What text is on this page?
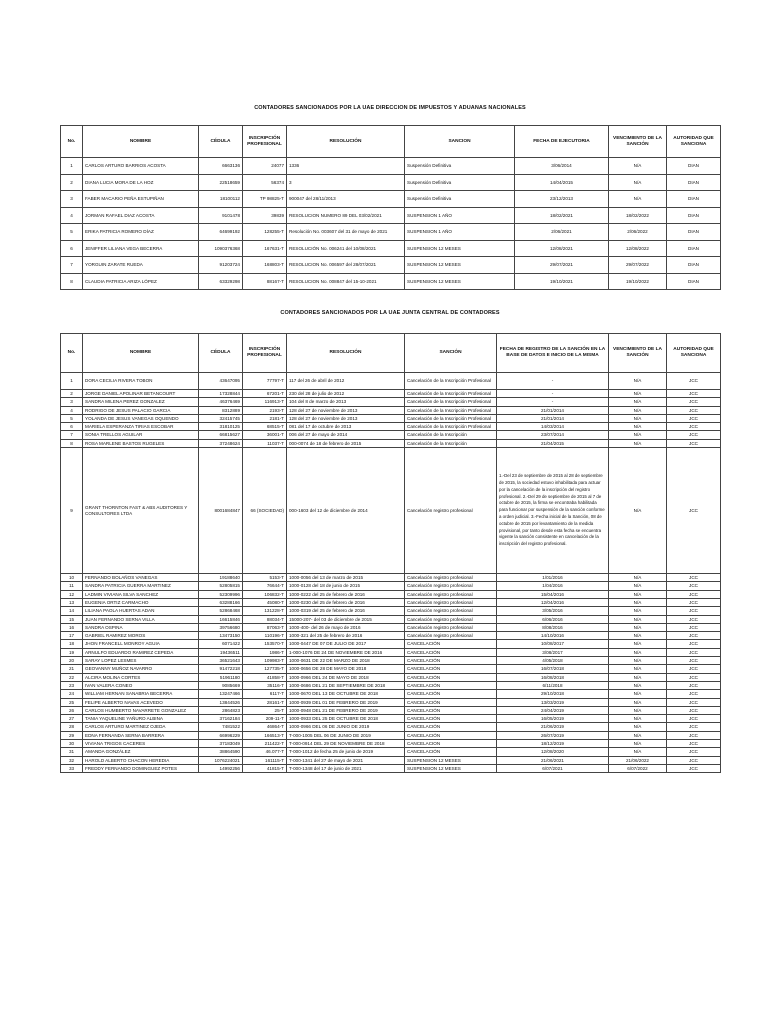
CONTADORES SANCIONADOS POR LA UAE DIRECCION DE IMPUESTOS Y ADUANAS NACIONALES
No.	NOMBRE	CÉDULA	INSCRIPCIÓN PROFESIONAL	RESOLUCIÓN	SANCION	FECHA DE EJECUTORIA	VENCIMIENTO DE LA SANCIÓN	AUTORIDAD QUE SANCIONA
1	CARLOS ARTURO BARRIOS ACOSTA	6663136	24077	1336	Suspensión Definitiva	3/06/2014	N/A	DIAN
2	DIANA LUCIA MORA DE LA HOZ	22518659	56374	3	Suspensión Definitiva	14/04/2015	N/A	DIAN
3	FABER MACARIO PEÑA ESTUPIÑAN	18100112	TP 98825-T	900047 del 28/11/2013	Suspensión Definitiva	23/12/2013	N/A	DIAN
4	JORMAN RAFAEL DIAZ ACOSTA	9101478	39839	RESOLUCION NUMERO 89 DEL 03/02/2021	SUSPENSION 1 AÑO	18/02/2021	18/02/2022	DIAN
5	ERIKA PATRICIA ROMERO DÍAZ	64699192	128255-T	Resolución No. 003607 del 31 de mayo de 2021	SUSPENSION 1 AÑO	2/06/2021	2/06/2022	DIAN
6	JENIFFER LILIANA VEGA BECERRA	1090376368	167631-T	RESOLUCIÓN No. 006241 del 10/08/2021	SUSPENSION 12 MESES	12/08/2021	12/08/2022	DIAN
7	YORGUIN ZARATE RUEDA	91203724	168803-T	RESOLUCION No. 006597 del 28/07/2021	SUSPENSION 12 MESES	29/07/2021	29/07/2022	DIAN
8	CLAUDIA PATRICIA ARIZA LÓPEZ	63329298	88167-T	RESOLUCION No. 008847 del 15-10-2021	SUSPENSION 12 MESES	19/10/2021	19/10/2022	DIAN
CONTADORES SANCIONADOS POR LA UAE JUNTA CENTRAL DE CONTADORES
No.	NOMBRE	CÉDULA	INSCRIPCIÓN PROFESIONAL	RESOLUCIÓN	SANCIÓN	FECHA DE REGISTRO DE LA SANCIÓN EN LA BASE DE DATOS E INICIO DE LA MISMA	VENCIMIENTO DE LA SANCIÓN	AUTORIDAD QUE SANCIONA
1	DORA CECILIA RIVERA TOBON	43647095	77797-T	117 del 26 de abril de 2012	Cancelación de la Inscripción Profesional	-	N/A	JCC
2	JORGE DANIEL APOLINAR BETANCOURT	17328844	67201-T	230 del 28 de julio de 2012	Cancelación de la Inscripción Profesional	-	N/A	JCC
3	SANDRA MILENA PEREZ GONZALEZ	46376469	116913-T	104 del 8 de marzo de 2013	Cancelación de la Inscripción Profesional	-	N/A	JCC
4	RODRIGO DE JESUS PALACIO GARCIA	8312889	2193-T	128 del 27 de noviembre de 2013	Cancelación de la Inscripción Profesional	21/01/2014	N/A	JCC
5	YOLANDA DE JESUS VANEGAS OQUENDO	32415745	2181-T	128 del 27 de noviembre de 2013	Cancelación de la Inscripción Profesional	21/01/2014	N/A	JCC
6	MARIELA ESPERANZA TIRIAS ESCOBAR	31810125	68515-T	081 del 17 de octubre de 2013	Cancelación de la Inscripción Profesional	14/03/2014	N/A	JCC
7	SONIA TRELLOS AGUILAR	66815627	36001-T	006 del 27 de mayo de 2014	Cancelación de la Inscripción	23/07/2014	N/A	JCC
8	ROSA MARLENE BASTOS RUGELES	37248624	11037-T	000-0074 de 18 de febrero de 2015	Cancelación de la Inscripción	21/04/2015	N/A	JCC
9	GRANT THORNTON FAST & ABS AUDITORES Y CONSULTORES LTDA	8001684847	66 (SOCIEDAD)	000-1603 del 12 de diciembre de 2014	Cancelación registro profesional	1.-Del 23 de septiembre de 2015 al 28 de septiembre de 2015, la sociedad estuvo inhabilitada para actuar por la cancelación de la inscripción del registro profesional. 2.-Del 29 de septiembre de 2015 al 7 de octubre de 2015, la firma se encontraba habilitada para funcionar por suspensión de la sanción conforme a orden judicial. 3.-Fecha inicial de la Sanción, 08 de octubre de 2015 por levantamiento de la medida provisional, por tanto desde esta fecha se encuentra vigente la sanción consistente en cancelación de la inscripción del registro profesional.	N/A	JCC
10	FERNANDO BOLAÑOS VANEGAS	19188640	5153-T	1000-0056 del 13 de marzo de 2015	Cancelación registro profesional	1/01/2016	N/A	JCC
11	SANDRA PATRICIA GUERRA MARTINEZ	52805815	76644-T	1000-0128 del 18 de junio de 2015	Cancelación registro profesional	1/04/2016	N/A	JCC
12	LADMIN VIVIANA SILVA SANCHEZ	52309996	106832-T	1000-0222 del 25 de febrero de 2016	Cancelación registro profesional	15/04/2016	N/A	JCC
13	EUGENIA ORTIZ CARMACHO	63288166	45080-T	1000-0230 del 25 de febrero de 2016	Cancelación registro profesional	12/04/2016	N/A	JCC
14	LILIANA PAOLA HUERTAS ADAN	52868468	131228-T	1000-0319 del 25 de febrero de 2016	Cancelación registro profesional	3/05/2016	N/A	JCC
15	JUAN FERNANDO SERNA VILLA	16615846	88034-T	15000-207- del 03 de diciembre de 2015	Cancelación registro profesional	6/06/2016	N/A	JCC
16	SANDRA OSPINA	39756680	87063-T	1000-400- del 26 de mayo de 2016	Cancelación registro profesional	8/08/2016	N/A	JCC
17	GABRIEL RAMIREZ MOROS	13473150	110196-T	1000-321 del 25 de febrero de 2016	Cancelación registro profesional	14/10/2016	N/A	JCC
18	JHON FRANCELL MONROY AGUIA	6071422	153570-T	1000-0447 DE 07 DE JULIO DE 2017	CANCELACIÓN	10/08/2017	N/A	JCC
19	ARNULFO EDUARDO RAMIREZ CEPEDA	19436511	1986-T	1-000-1076 DE 24 DE NOVIEMBRE DE 2016	CANCELACIÓN	3/08/2017	N/A	JCC
20	SARAY LOPEZ LESMES	36521643	109983-T	1000-0631 DE 22 DE MARZO DE 2018	CANCELACIÓN	4/05/2018	N/A	JCC
21	GEOVANNY MUÑOZ NAVARRO	91472218	127735-T	1000-0656 DE 28 DE MAYO DE 2018	CANCELACIÓN	16/07/2018	N/A	JCC
22	ALCIRA MOLINA CORTES	51961180	41858-T	1000-0966 DEL 24 DE MAYO DE 2018	CANCELACIÓN	16/08/2018	N/A	JCC
23	IVAN VALERA CONEO	9085669	35116-T	1000-0686 DEL 21 DE SEPTIEMBRE DE 2018	CANCELACIÓN	6/11/2018	N/A	JCC
24	WILLIAM HERNAN SANABRIA BECERRA	13247466	6117-T	1000-0670 DEL 13 DE OCTUBRE DE 2018	CANCELACIÓN	29/10/2018	N/A	JCC
25	FELIPE ALBERTO NAVAS ACEVEDO	13844526	28161-T	1000-0939 DEL 01 DE FEBRERO DE 2019	CANCELACIÓN	13/03/2019	N/A	JCC
26	CARLOS HUMBERTO NAVARRETE GONZALEZ	2864823	25-T	1000-0948 DEL 21 DE FEBRERO DE 2019	CANCELACIÓN	24/04/2019	N/A	JCC
27	TANIA YAQUELINE YAÑURO ALBINA	37162184	209-11-T	1000-0933 DEL 25 DE OCTUBRE DE 2018	CANCELACIÓN	16/05/2019	N/A	JCC
28	CARLOS ARTURO MARTINEZ OJEDA	7481522	46864-T	1000-0966 DEL 06 DE JUNIO DE 2019	CANCELACIÓN	21/06/2019	N/A	JCC
29	EDNA FERNANDA SERNA BARRERA	66996229	166513-T	T-000-1005 DEL 06 DE JUNIO DE 2019	CANCELACIÓN	26/07/2019	N/A	JCC
30	VIVIANA TRIGOS CACERES	37183049	211422-T	T-000-0914 DEL 29 DE NOVIEMBRE DE 2018	CANCELACION	18/12/2019	N/A	JCC
31	AMANDA GONZÁLEZ	38864590	46.077-T	T-000-1012 de fecha 25 de junio de 2019	CANCELACIÓN	12/08/2020	N/A	JCC
32	HAROLD ALBERTO CHACON HEREDIA	1076224021	161115-T	T-000-1341 del 27 de mayo de 2021	SUSPENSION 12 MESES	21/06/2021	21/06/2022	JCC
33	FREDDY FERNANDO DOMINGUEZ POTES	14992256	41815-T	T-000-1348 del 17 de junio de 2021	SUSPENSION 12 MESES	6/07/2021	6/07/2022	JCC
